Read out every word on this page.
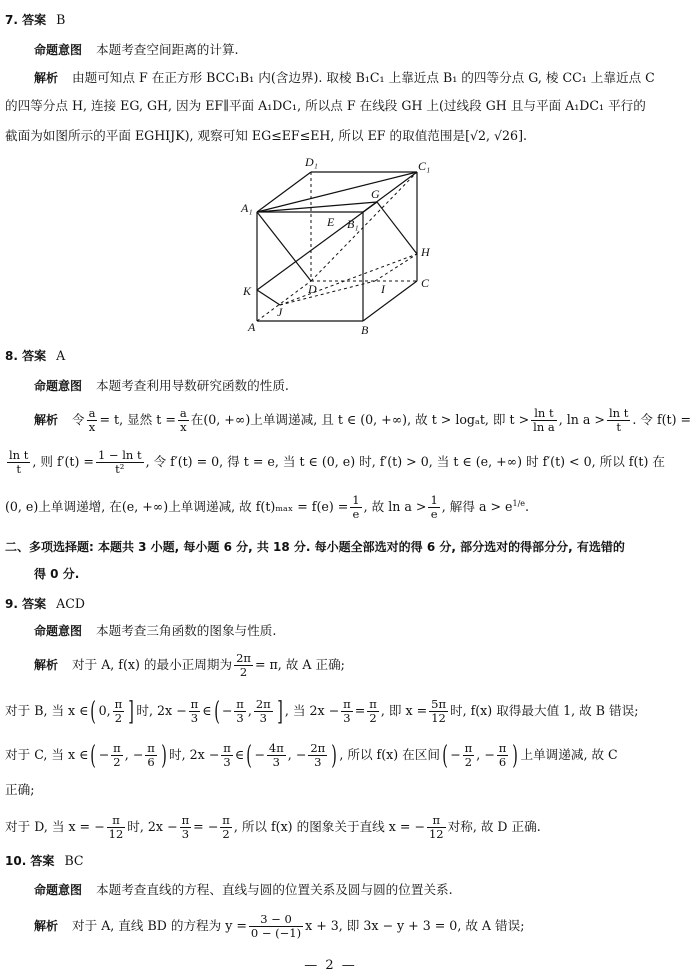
7. 答案 B
命题意图 本题考查空间距离的计算.
解析 由题可知点 F 在正方形 BCC₁B₁ 内(含边界). 取棱 B₁C₁ 上靠近点 B₁ 的四等分点 G, 棱 CC₁ 上靠近点 C
的四等分点 H, 连接 EG, GH, 因为 EF∥平面 A₁DC₁, 所以点 F 在线段 GH 上(过线段 GH 且与平面 A₁DC₁ 平行的
截面为如图所示的平面 EGHIJK), 观察可知 EG≤EF≤EH, 所以 EF 的取值范围是[√2, √26].
D₁	C₁
A₁
G
E B₁
H
K	D	I	C
J
A	B
8. 答案 A
命题意图 本题考查利用导数研究函数的性质.
解析 令 $\frac{a}{x} = t$, 显然 $t = \frac{a}{x}$ 在(0, +∞)上单调递减, 且 t ∈ (0, +∞), 故 t > logₐt, 即 $t > \frac{\text{ln t}}{\text{ln a}}$ , $\ln a > \frac{\text{ln t}}{t}$ . 令 f(t) =
$\frac{\text{ln t}}{t}$ , 则 $f'(t) = \frac{\text{1 − ln t}}{\text{t²}}$ , 令 f′(t) = 0, 得 t = e, 当 t ∈ (0, e) 时, f′(t) > 0, 当 t ∈ (e, +∞) 时 f′(t) < 0, 所以 f(t) 在
(0, e)上单调递增, 在(e, +∞)上单调递减, 故 $f(t)_{max} = f(e) = \frac{1}{e}$ , 故 $\ln a > \frac{1}{e}$ , 解得 $a > e^{1/e}$.
二、多项选择题: 本题共 3 小题, 每小题 6 分, 共 18 分. 每小题全部选对的得 6 分, 部分选对的得部分分, 有选错的
得 0 分.
9. 答案 ACD
命题意图 本题考查三角函数的图象与性质.
解析 对于 A, f(x) 的最小正周期为 $\frac{2\pi}{2} = \pi$, 故 A 正确;
对于 B, 当 x ∈( 0, $\frac{\pi}{2}$ ] 时, $2x - \frac{\pi}{3}$ ∈( − $\frac{\pi}{3}$ , $\frac{2\pi}{3}$ ] , 当 $2x - \frac{\pi}{3} = \frac{\pi}{2}$ , 即 $x = \frac{5\pi}{12}$ 时, f(x) 取得最大值 1, 故 B 错误;
对于 C, 当 x ∈( − $\frac{\pi}{2}$ , − $\frac{\pi}{6}$ ) 时, $2x - \frac{\pi}{3}$ ∈( − $\frac{4\pi}{3}$ , − $\frac{2\pi}{3}$ ) , 所以 f(x) 在区间( − $\frac{\pi}{2}$ , − $\frac{\pi}{6}$ ) 上单调递减, 故 C
正确;
对于 D, 当 x = − $\frac{\pi}{12}$ 时, $2x - \frac{\pi}{3}$ = − $\frac{\pi}{2}$ , 所以 f(x) 的图象关于直线 x = − $\frac{\pi}{12}$ 对称, 故 D 正确.
10. 答案 BC
命题意图 本题考查直线的方程、直线与圆的位置关系及圆与圆的位置关系.
解析 对于 A, 直线 BD 的方程为 $y = \frac{3 - 0}{0 - (-1)}$ x + 3, 即 3x − y + 3 = 0, 故 A 错误;
— 2 —
